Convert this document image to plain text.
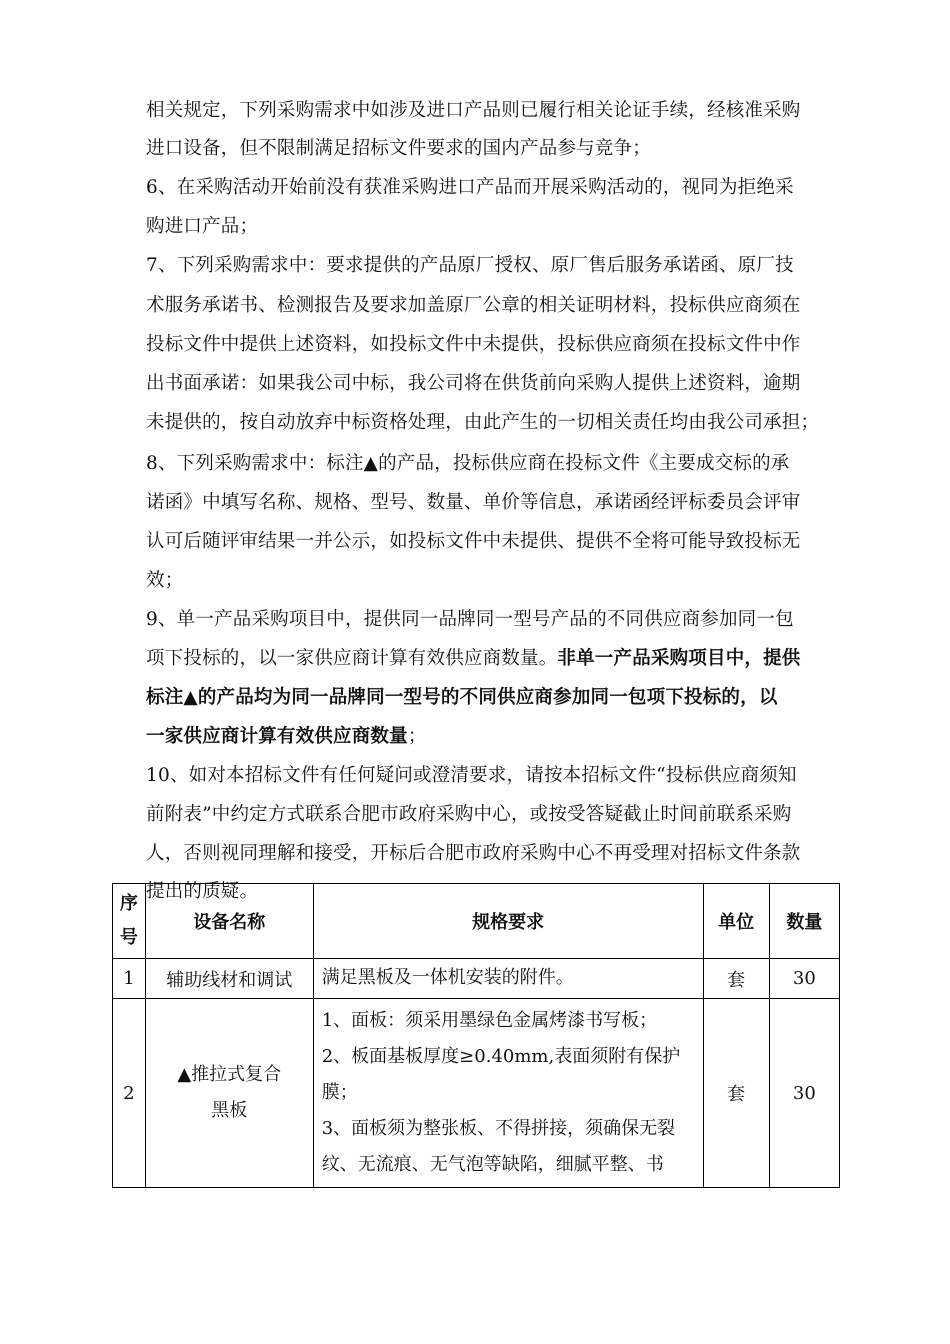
相关规定，下列采购需求中如涉及进口产品则已履行相关论证手续，经核准采购
进口设备，但不限制满足招标文件要求的国内产品参与竞争；
6、在采购活动开始前没有获准采购进口产品而开展采购活动的，视同为拒绝采
购进口产品；
7、下列采购需求中：要求提供的产品原厂授权、原厂售后服务承诺函、原厂技
术服务承诺书、检测报告及要求加盖原厂公章的相关证明材料，投标供应商须在
投标文件中提供上述资料，如投标文件中未提供，投标供应商须在投标文件中作
出书面承诺：如果我公司中标，我公司将在供货前向采购人提供上述资料，逾期
未提供的，按自动放弃中标资格处理，由此产生的一切相关责任均由我公司承担；
8、下列采购需求中：标注▲的产品，投标供应商在投标文件《主要成交标的承
诺函》中填写名称、规格、型号、数量、单价等信息，承诺函经评标委员会评审
认可后随评审结果一并公示，如投标文件中未提供、提供不全将可能导致投标无
效；
9、单一产品采购项目中，提供同一品牌同一型号产品的不同供应商参加同一包
项下投标的，以一家供应商计算有效供应商数量。非单一产品采购项目中，提供
标注▲的产品均为同一品牌同一型号的不同供应商参加同一包项下投标的，以
一家供应商计算有效供应商数量；
10、如对本招标文件有任何疑问或澄清要求，请按本招标文件“投标供应商须知
前附表”中约定方式联系合肥市政府采购中心，或按受答疑截止时间前联系采购
人，否则视同理解和接受，开标后合肥市政府采购中心不再受理对招标文件条款
提出的质疑。
序
号	设备名称	规格要求	单位	数量
1	辅助线材和调试	满足黑板及一体机安装的附件。	套	30
2	▲推拉式复合
黑板	1、面板：须采用墨绿色金属烤漆书写板；
2、板面基板厚度≥0.40mm,表面须附有保护
膜；
3、面板须为整张板、不得拼接，须确保无裂
纹、无流痕、无气泡等缺陷，细腻平整、书	套	30
